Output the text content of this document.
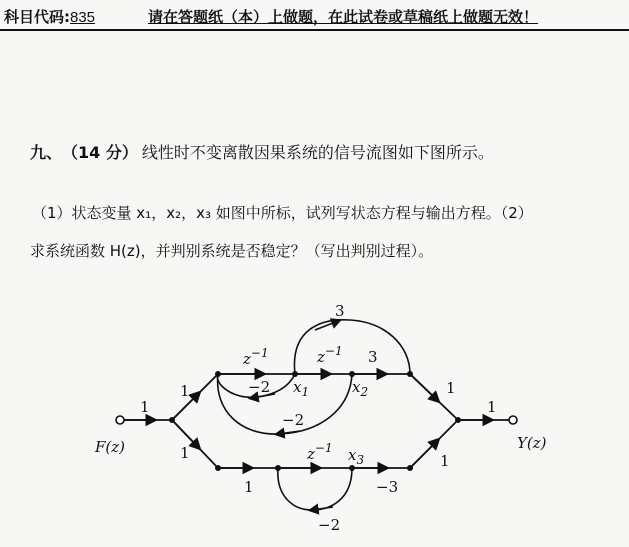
科目代码:835	请在答题纸（本）上做题，在此试卷或草稿纸上做题无效！
九、 （14 分） 线性时不变离散因果系统的信号流图如下图所示。
（1）状态变量 x₁，x₂，x₃ 如图中所标，试列写状态方程与输出方程。（2）
求系统函数 H(z)，并判别系统是否稳定？（写出判别过程）。
F(z)	Y(z)
1
1
1
$z^{-1}$	$z^{-1}$
$z^{-1}$
−2
3
3
−2
1
1	−3
−2
1
1
$x_1$	$x_2$
$x_3$
